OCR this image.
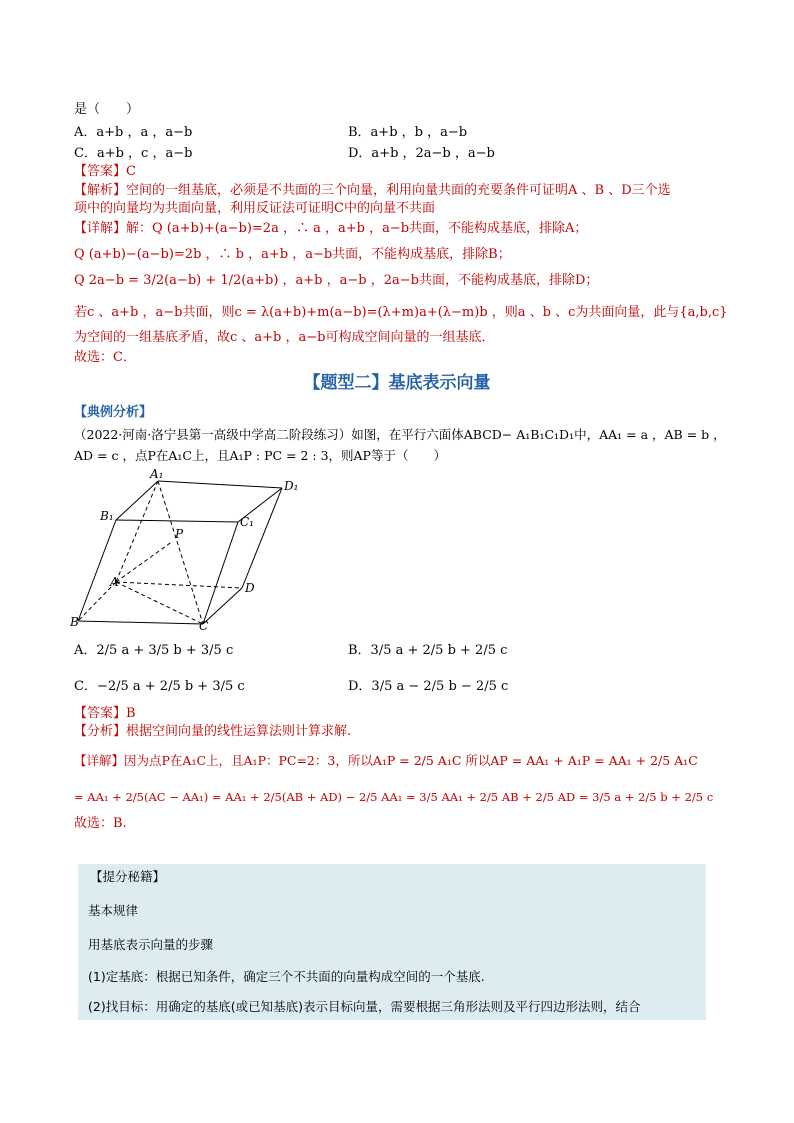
是（　　）
A．a+b ，a ，a−b	B．a+b ，b ，a−b
C．a+b ，c ，a−b	D．a+b ，2a−b ，a−b
【答案】C
【解析】空间的一组基底，必须是不共面的三个向量，利用向量共面的充要条件可证明A 、B 、D三个选
项中的向量均为共面向量，利用反证法可证明C中的向量不共面
【详解】解：Q (a+b)+(a−b)=2a ，∴ a ，a+b ，a−b共面，不能构成基底，排除A；
Q (a+b)−(a−b)=2b ，∴ b ，a+b ，a−b共面，不能构成基底，排除B；
Q 2a−b = 3/2(a−b) + 1/2(a+b) ，a+b ，a−b ，2a−b共面，不能构成基底，排除D；
若c 、a+b ，a−b共面，则c = λ(a+b)+m(a−b)=(λ+m)a+(λ−m)b ，则a 、b 、c为共面向量，此与{a,b,c}
为空间的一组基底矛盾，故c 、a+b ，a−b可构成空间向量的一组基底．
故选：C．
【题型二】基底表示向量
【典例分析】
（2022·河南·洛宁县第一高级中学高二阶段练习）如图，在平行六面体ABCD− A₁B₁C₁D₁中，AA₁ = a ，AB = b ，
AD = c ，点P在A₁C上，且A₁P : PC = 2 : 3，则AP等于（　　）
A₁
D₁
B₁	C₁
P
A	D
B	C
A．2/5 a + 3/5 b + 3/5 c	B．3/5 a + 2/5 b + 2/5 c
C．−2/5 a + 2/5 b + 3/5 c	D．3/5 a − 2/5 b − 2/5 c
【答案】B
【分析】根据空间向量的线性运算法则计算求解.
【详解】因为点P在A₁C上，且A₁P：PC=2：3，所以A₁P = 2/5 A₁C 所以AP = AA₁ + A₁P = AA₁ + 2/5 A₁C
= AA₁ + 2/5(AC − AA₁) = AA₁ + 2/5(AB + AD) − 2/5 AA₁ = 3/5 AA₁ + 2/5 AB + 2/5 AD = 3/5 a + 2/5 b + 2/5 c
故选：B.
【提分秘籍】
基本规律
用基底表示向量的步骤
(1)定基底：根据已知条件，确定三个不共面的向量构成空间的一个基底.
(2)找目标：用确定的基底(或已知基底)表示目标向量，需要根据三角形法则及平行四边形法则，结合
